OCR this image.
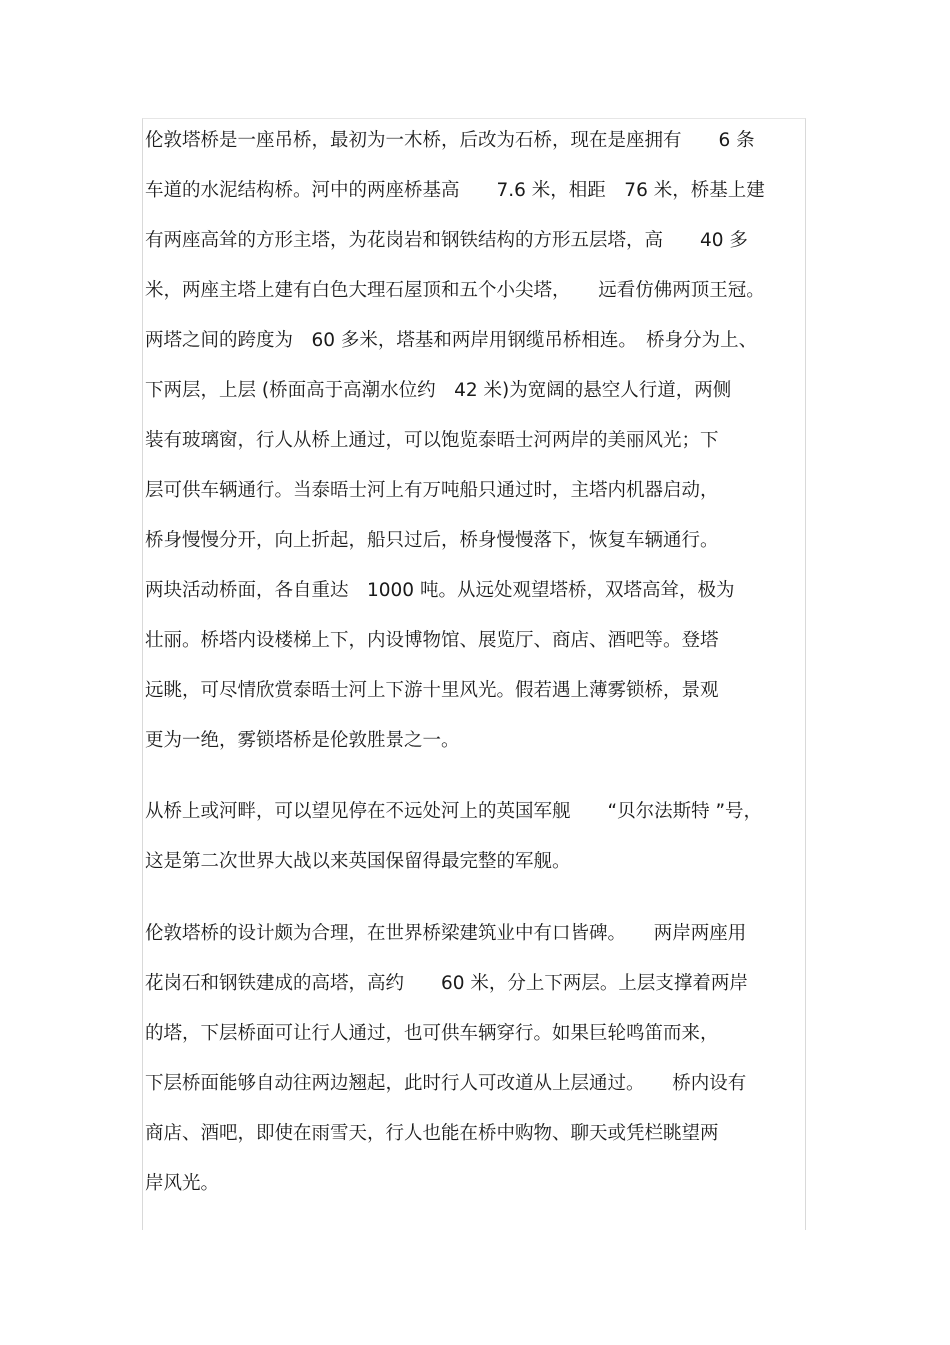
伦敦塔桥是一座吊桥，最初为一木桥，后改为石桥，现在是座拥有　　6 条
车道的水泥结构桥。河中的两座桥基高　　7.6 米，相距　76 米，桥基上建
有两座高耸的方形主塔，为花岗岩和钢铁结构的方形五层塔，高　　40 多
米，两座主塔上建有白色大理石屋顶和五个小尖塔，　　远看仿佛两顶王冠。
两塔之间的跨度为　60 多米，塔基和两岸用钢缆吊桥相连。　桥身分为上、
下两层，上层 (桥面高于高潮水位约　42 米)为宽阔的悬空人行道，两侧
装有玻璃窗，行人从桥上通过，可以饱览泰晤士河两岸的美丽风光；下
层可供车辆通行。当泰晤士河上有万吨船只通过时，主塔内机器启动，
桥身慢慢分开，向上折起，船只过后，桥身慢慢落下，恢复车辆通行。
两块活动桥面，各自重达　1000 吨。从远处观望塔桥，双塔高耸，极为
壮丽。桥塔内设楼梯上下，内设博物馆、展览厅、商店、酒吧等。登塔
远眺，可尽情欣赏泰晤士河上下游十里风光。假若遇上薄雾锁桥，景观
更为一绝，雾锁塔桥是伦敦胜景之一。
从桥上或河畔，可以望见停在不远处河上的英国军舰　　“贝尔法斯特 ”号，
这是第二次世界大战以来英国保留得最完整的军舰。
伦敦塔桥的设计颇为合理，在世界桥梁建筑业中有口皆碑。　　两岸两座用
花岗石和钢铁建成的高塔，高约　　60 米，分上下两层。上层支撑着两岸
的塔，下层桥面可让行人通过，也可供车辆穿行。如果巨轮鸣笛而来，
下层桥面能够自动往两边翘起，此时行人可改道从上层通过。　　桥内设有
商店、酒吧，即使在雨雪天，行人也能在桥中购物、聊天或凭栏眺望两
岸风光。
